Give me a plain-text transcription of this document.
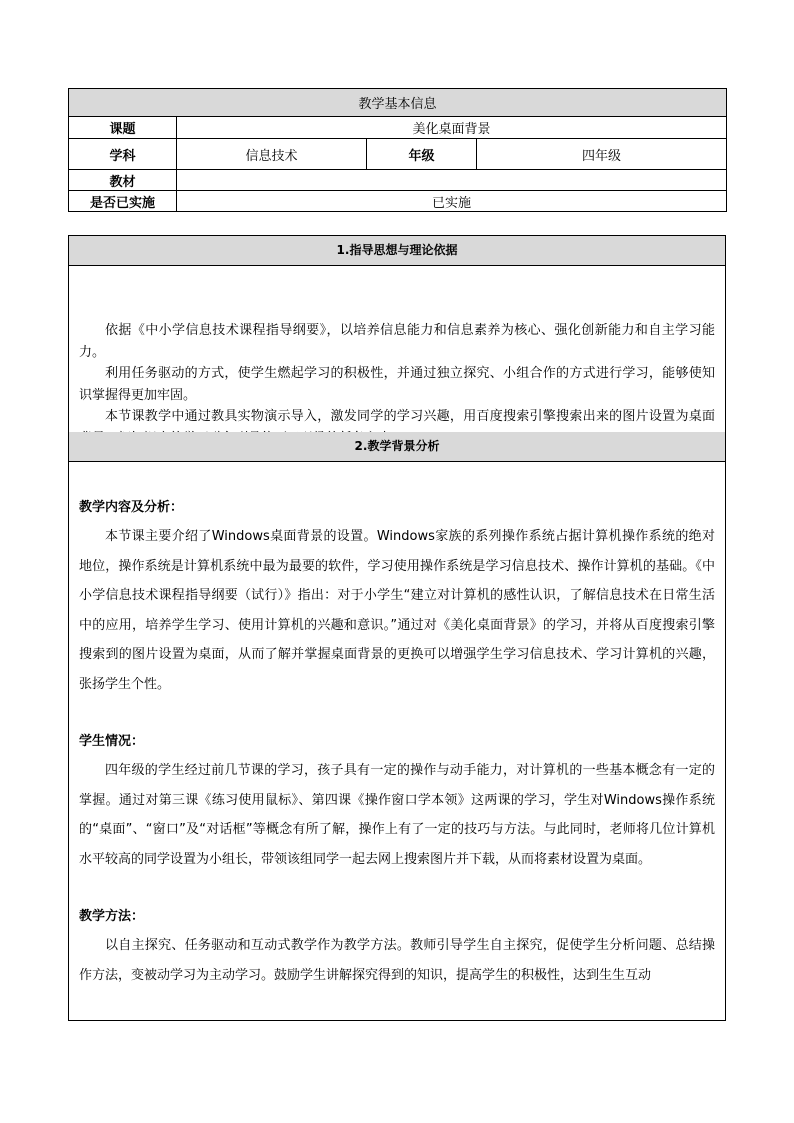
教学基本信息			
课题	美化桌面背景		
学科	信息技术	年级	四年级
教材			
是否已实施	已实施		
1.指导思想与理论依据

依据《中小学信息技术课程指导纲要》，以培养信息能力和信息素养为核心、强化创新能力和自主学习能力。

利用任务驱动的方式，使学生燃起学习的积极性，并通过独立探究、小组合作的方式进行学习，能够使知识掌握得更加牢固。

本节课教学中通过教具实物演示导入，激发同学的学习兴趣，用百度搜索引擎搜索出来的图片设置为桌面

2.教学背景分析

教学内容及分析：

本节课主要介绍了Windows桌面背景的设置。Windows家族的系列操作系统占据计算机操作系统的绝对地位，操作系统是计算机系统中最为最要的软件，学习使用操作系统是学习信息技术、操作计算机的基础。《中小学信息技术课程指导纲要（试行）》指出：对于小学生“建立对计算机的感性认识，了解信息技术在日常生活中的应用，培养学生学习、使用计算机的兴趣和意识。”通过对《美化桌面背景》的学习，并将从百度搜索引擎搜索到的图片设置为桌面，从而了解并掌握桌面背景的更换可以增强学生学习信息技术、学习计算机的兴趣，张扬学生个性。

学生情况：

四年级的学生经过前几节课的学习，孩子具有一定的操作与动手能力，对计算机的一些基本概念有一定的掌握。通过对第三课《练习使用鼠标》、第四课《操作窗口学本领》这两课的学习，学生对Windows操作系统的“桌面”、“窗口”及“对话框”等概念有所了解，操作上有了一定的技巧与方法。与此同时，老师将几位计算机水平较高的同学设置为小组长，带领该组同学一起去网上搜索图片并下载，从而将素材设置为桌面。

教学方法：

以自主探究、任务驱动和互动式教学作为教学方法。教师引导学生自主探究，促使学生分析问题、总结操作方法，变被动学习为主动学习。鼓励学生讲解探究得到的知识，提高学生的积极性，达到生生互动
